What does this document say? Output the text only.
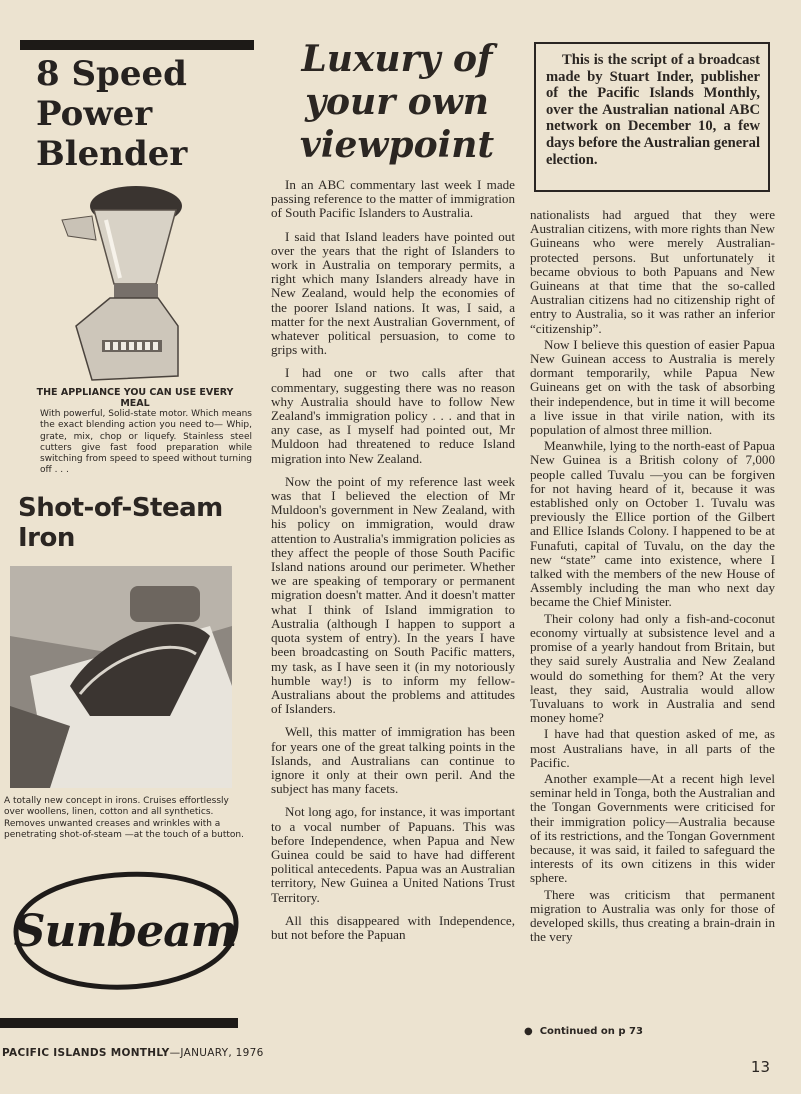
8 Speed Power Blender
THE APPLIANCE YOU CAN USE EVERY MEAL
With powerful, Solid-state motor. Which means the exact blending action you need to— Whip, grate, mix, chop or liquefy. Stainless steel cutters give fast food preparation while switching from speed to speed without turning off . . .
Shot-of-Steam Iron
A totally new concept in irons. Cruises effortlessly over woollens, linen, cotton and all synthetics. Removes unwanted creases and wrinkles with a penetrating shot-of-steam —at the touch of a button.
Sunbeam
Luxury of your own viewpoint

This is the script of a broadcast made by Stuart Inder, publisher of the Pacific Islands Monthly, over the Australian national ABC network on December 10, a few days before the Australian general election.

In an ABC commentary last week I made passing reference to the matter of immigration of South Pacific Islanders to Australia.

I said that Island leaders have pointed out over the years that the right of Islanders to work in Australia on temporary permits, a right which many Islanders already have in New Zealand, would help the economies of the poorer Island nations. It was, I said, a matter for the next Australian Government, of whatever political persuasion, to come to grips with.

I had one or two calls after that commentary, suggesting there was no reason why Australia should have to follow New Zealand's immigration policy . . . and that in any case, as I myself had pointed out, Mr Muldoon had threatened to reduce Island migration into New Zealand.

Now the point of my reference last week was that I believed the election of Mr Muldoon's government in New Zealand, with his policy on immigration, would draw attention to Australia's immigration policies as they affect the people of those South Pacific Island nations around our perimeter. Whether we are speaking of temporary or permanent migration doesn't matter. And it doesn't matter what I think of Island immigration to Australia (although I happen to support a quota system of entry). In the years I have been broadcasting on South Pacific matters, my task, as I have seen it (in my notoriously humble way!) is to inform my fellow-Australians about the problems and attitudes of Islanders.

Well, this matter of immigration has been for years one of the great talking points in the Islands, and Australians can continue to ignore it only at their own peril. And the subject has many facets.

Not long ago, for instance, it was important to a vocal number of Papuans. This was before Independence, when Papua and New Guinea could be said to have had different political antecedents. Papua was an Australian territory, New Guinea a United Nations Trust Territory.

All this disappeared with Independence, but not before the Papuan

nationalists had argued that they were Australian citizens, with more rights than New Guineans who were merely Australian-protected persons. But unfortunately it became obvious to both Papuans and New Guineans at that time that the so-called Australian citizens had no citizenship right of entry to Australia, so it was rather an inferior “citizenship”.

Now I believe this question of easier Papua New Guinean access to Australia is merely dormant temporarily, while Papua New Guineans get on with the task of absorbing their independence, but in time it will become a live issue in that virile nation, with its population of almost three million.

Meanwhile, lying to the north-east of Papua New Guinea is a British colony of 7,000 people called Tuvalu —you can be forgiven for not having heard of it, because it was established only on October 1. Tuvalu was previously the Ellice portion of the Gilbert and Ellice Islands Colony. I happened to be at Funafuti, capital of Tuvalu, on the day the new “state” came into existence, where I talked with the members of the new House of Assembly including the man who next day became the Chief Minister.

Their colony had only a fish-and-coconut economy virtually at subsistence level and a promise of a yearly handout from Britain, but they said surely Australia and New Zealand would do something for them? At the very least, they said, Australia would allow Tuvaluans to work in Australia and send money home?

I have had that question asked of me, as most Australians have, in all parts of the Pacific.

Another example—At a recent high level seminar held in Tonga, both the Australian and the Tongan Governments were criticised for their immigration policy—Australia because of its restrictions, and the Tongan Government because, it was said, it failed to safeguard the interests of its own citizens in this wider sphere.

There was criticism that permanent migration to Australia was only for those of developed skills, thus creating a brain-drain in the very

●  Continued on p 73
PACIFIC ISLANDS MONTHLY—JANUARY, 1976
13
